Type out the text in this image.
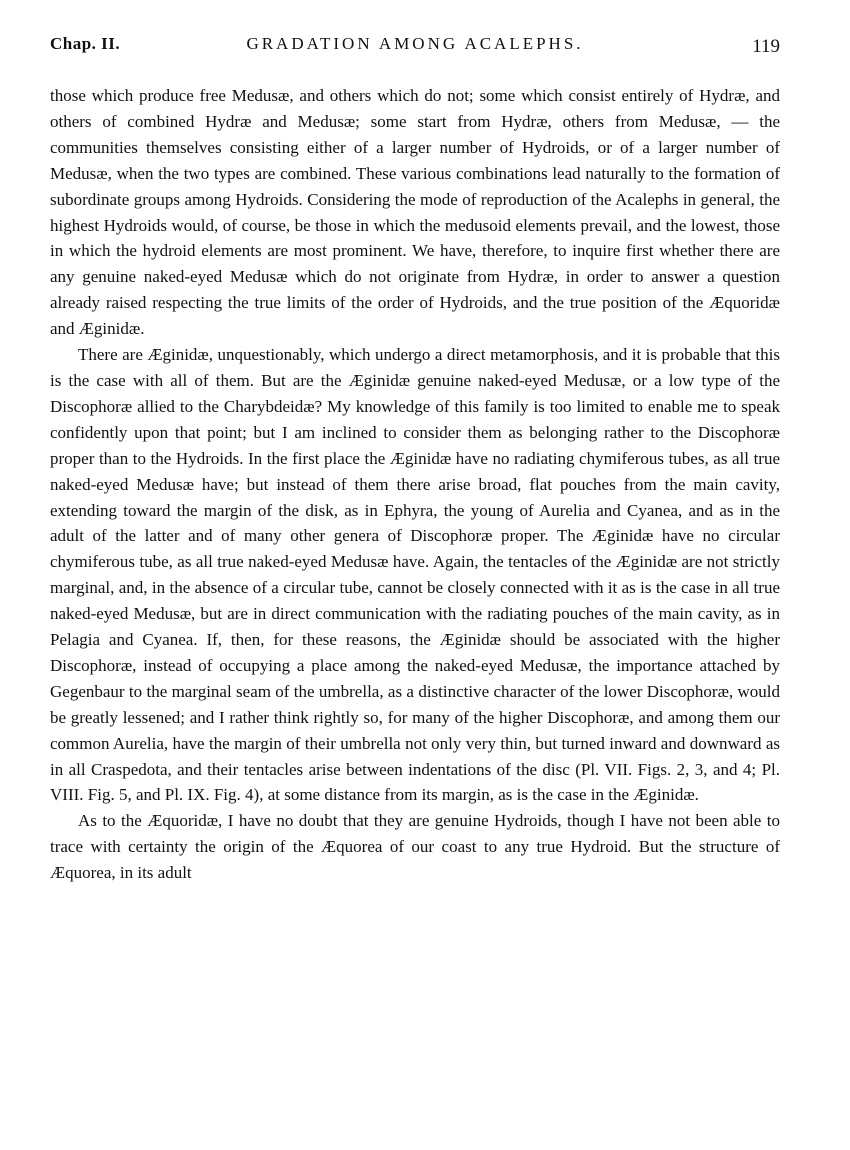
Chap. II.	GRADATION AMONG ACALEPHS.	119

those which produce free Medusæ, and others which do not; some which consist entirely of Hydræ, and others of combined Hydræ and Medusæ; some start from Hydræ, others from Medusæ, — the communities themselves consisting either of a larger number of Hydroids, or of a larger number of Medusæ, when the two types are combined. These various combinations lead naturally to the formation of subordinate groups among Hydroids. Considering the mode of reproduction of the Acalephs in general, the highest Hydroids would, of course, be those in which the medusoid elements prevail, and the lowest, those in which the hydroid elements are most prominent. We have, therefore, to inquire first whether there are any genuine naked-eyed Medusæ which do not originate from Hydræ, in order to answer a question already raised respecting the true limits of the order of Hydroids, and the true position of the Æquoridæ and Æginidæ.

There are Æginidæ, unquestionably, which undergo a direct metamorphosis, and it is probable that this is the case with all of them. But are the Æginidæ genuine naked-eyed Medusæ, or a low type of the Discophoræ allied to the Charybdeidæ? My knowledge of this family is too limited to enable me to speak confidently upon that point; but I am inclined to consider them as belonging rather to the Discophoræ proper than to the Hydroids. In the first place the Æginidæ have no radiating chymiferous tubes, as all true naked-eyed Medusæ have; but instead of them there arise broad, flat pouches from the main cavity, extending toward the margin of the disk, as in Ephyra, the young of Aurelia and Cyanea, and as in the adult of the latter and of many other genera of Discophoræ proper. The Æginidæ have no circular chymiferous tube, as all true naked-eyed Medusæ have. Again, the tentacles of the Æginidæ are not strictly marginal, and, in the absence of a circular tube, cannot be closely connected with it as is the case in all true naked-eyed Medusæ, but are in direct communication with the radiating pouches of the main cavity, as in Pelagia and Cyanea. If, then, for these reasons, the Æginidæ should be associated with the higher Discophoræ, instead of occupying a place among the naked-eyed Medusæ, the importance attached by Gegenbaur to the marginal seam of the umbrella, as a distinctive character of the lower Discophoræ, would be greatly lessened; and I rather think rightly so, for many of the higher Discophoræ, and among them our common Aurelia, have the margin of their umbrella not only very thin, but turned inward and downward as in all Craspedota, and their tentacles arise between indentations of the disc (Pl. VII. Figs. 2, 3, and 4; Pl. VIII. Fig. 5, and Pl. IX. Fig. 4), at some distance from its margin, as is the case in the Æginidæ.

As to the Æquoridæ, I have no doubt that they are genuine Hydroids, though I have not been able to trace with certainty the origin of the Æquorea of our coast to any true Hydroid. But the structure of Æquorea, in its adult
